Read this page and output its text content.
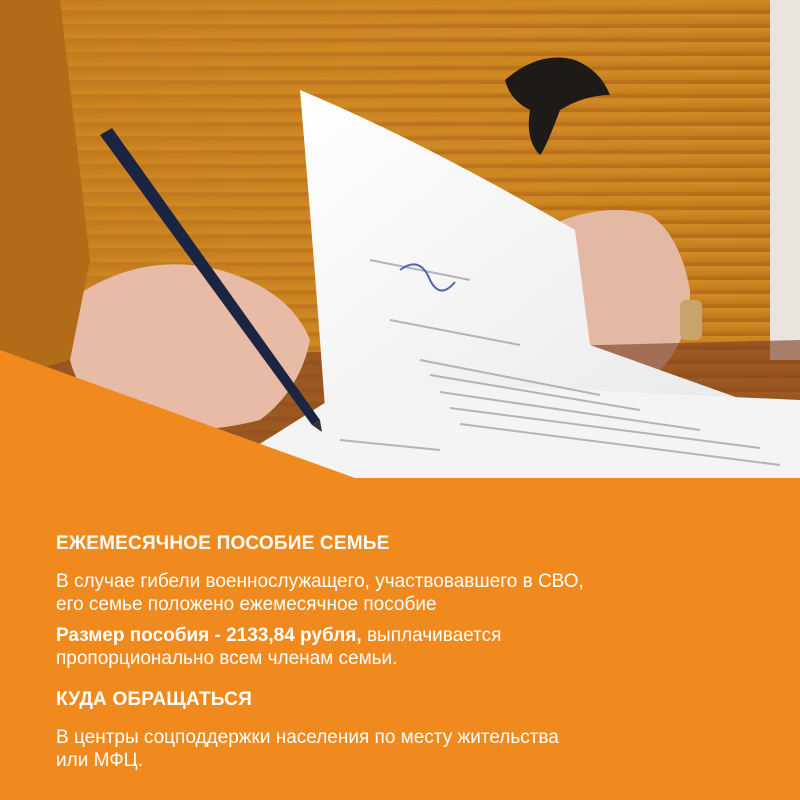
ЕЖЕМЕСЯЧНОЕ ПОСОБИЕ СЕМЬЕ
В случае гибели военнослужащего, участвовавшего в СВО,
его семье положено ежемесячное пособие
Размер пособия - 2133,84 рубля, выплачивается
пропорционально всем членам семьи.
КУДА ОБРАЩАТЬСЯ
В центры соцподдержки населения по месту жительства
или МФЦ.
